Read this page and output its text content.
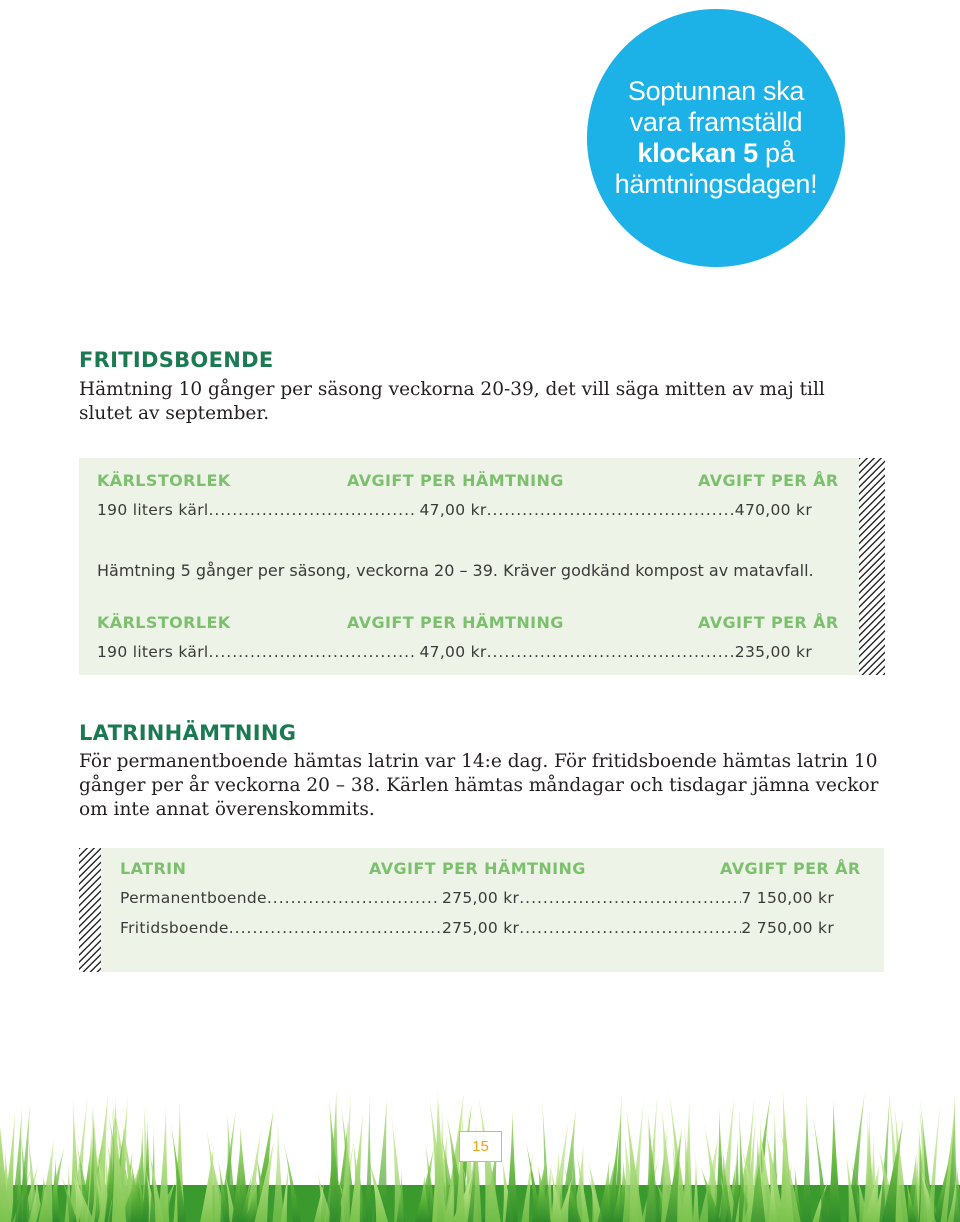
Soptunnan ska
vara framställd
klockan 5 på
hämtningsdagen!
FRITIDSBOENDE

Hämtning 10 gånger per säsong veckorna 20-39, det vill säga mitten av maj till slutet av september.

KÄRLSTORLEK	AVGIFT PER HÄMTNING	AVGIFT PER ÅR
190 liters kärl .....	47,00 kr .....	470,00 kr
Hämtning 5 gånger per säsong, veckorna 20 – 39. Kräver godkänd kompost av matavfall.
KÄRLSTORLEK	AVGIFT PER HÄMTNING	AVGIFT PER ÅR
190 liters kärl .....	47,00 kr .....	235,00 kr
LATRINHÄMTNING

För permanentboende hämtas latrin var 14:e dag. För fritidsboende hämtas latrin 10 gånger per år veckorna 20 – 38. Kärlen hämtas måndagar och tisdagar jämna veckor om inte annat överenskommits.

LATRIN	AVGIFT PER HÄMTNING	AVGIFT PER ÅR
Permanentboende .....	275,00 kr .....	7 150,00 kr
Fritidsboende .....	275,00 kr .....	2 750,00 kr
15
